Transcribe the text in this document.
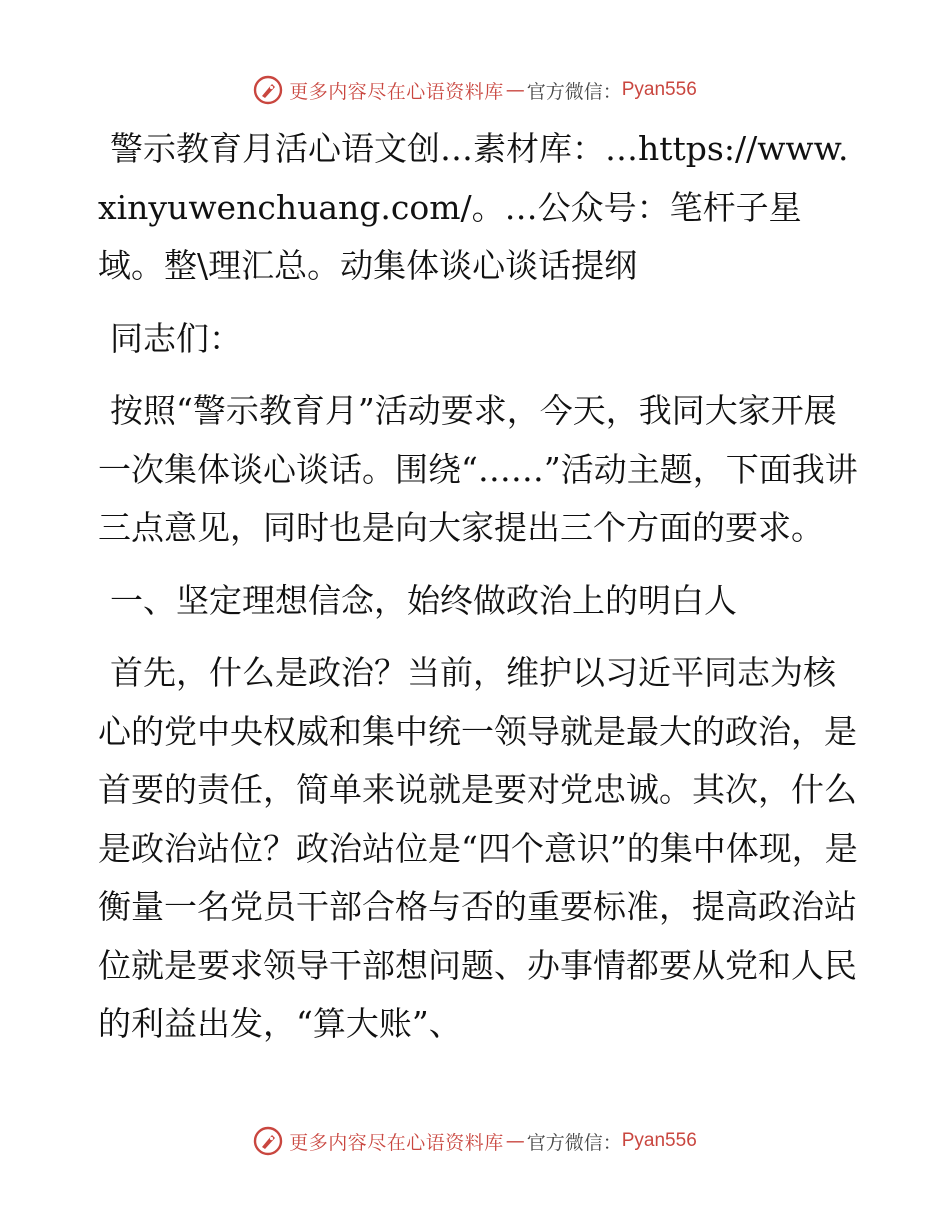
更多内容尽在心语资料库 — 官方微信： Pyan556

警示教育月活心语文创…素材库：…https://www.xinyuwenchuang.com/。…公众号：笔杆子星域。整\理汇总。动集体谈心谈话提纲

同志们：

按照“警示教育月”活动要求，今天，我同大家开展一次集体谈心谈话。围绕“……”活动主题，下面我讲三点意见，同时也是向大家提出三个方面的要求。

一、坚定理想信念，始终做政治上的明白人

首先，什么是政治？当前，维护以习近平同志为核心的党中央权威和集中统一领导就是最大的政治，是首要的责任，简单来说就是要对党忠诚。其次，什么是政治站位？政治站位是“四个意识”的集中体现，是衡量一名党员干部合格与否的重要标准，提高政治站位就是要求领导干部想问题、办事情都要从党和人民的利益出发，“算大账”、

更多内容尽在心语资料库 — 官方微信： Pyan556
